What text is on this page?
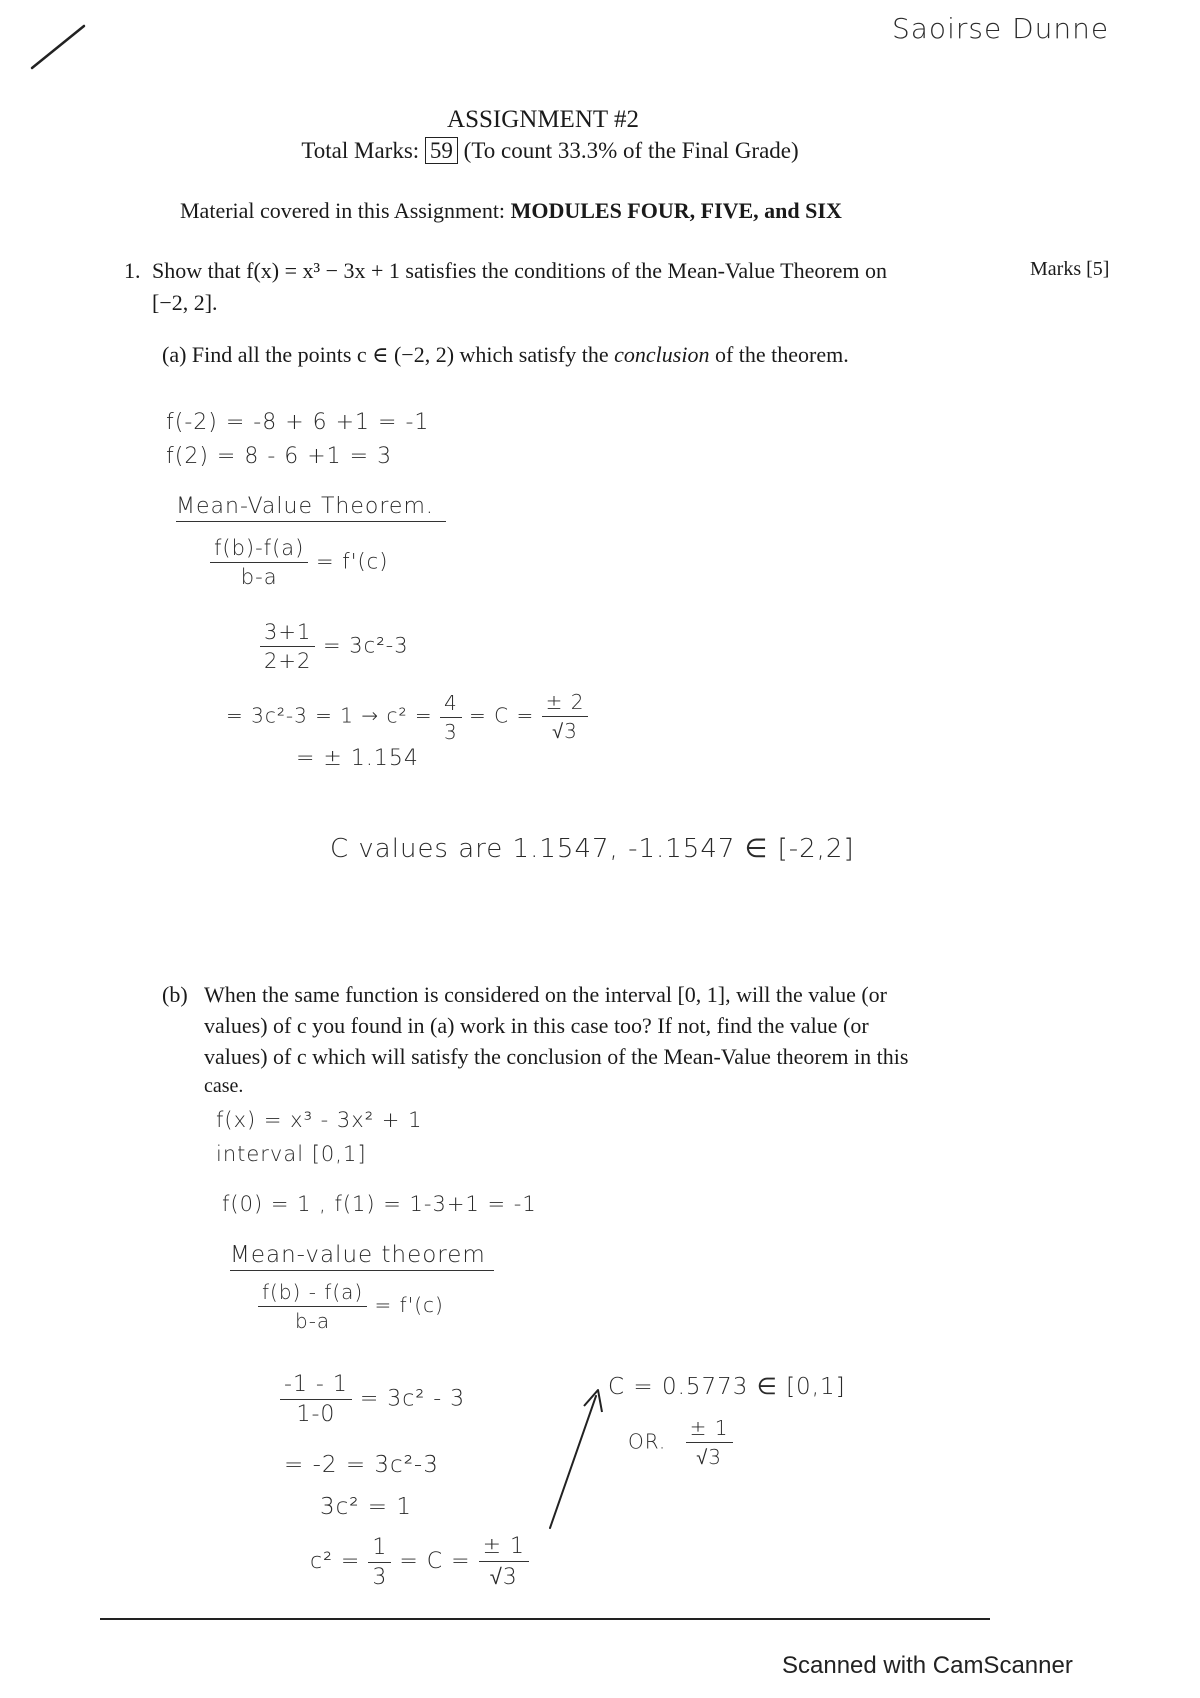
Saoirse Dunne
ASSIGNMENT #2
Total Marks: 59 (To count 33.3% of the Final Grade)
Material covered in this Assignment: MODULES FOUR, FIVE, and SIX
1. Show that f(x) = x³ − 3x + 1 satisfies the conditions of the Mean-Value Theorem on	Marks [5]
[−2, 2].
(a) Find all the points c ∈ (−2, 2) which satisfy the conclusion of the theorem.
f(-2) = -8 + 6 +1 = -1
f(2) = 8 - 6 +1 = 3
Mean-Value Theorem.
$\frac{f(b)-f(a)}{b-a} = f'(c)$
$\frac{3+1}{2+2} = 3c^2-3$
= $3c^2-3 = 1 \to c^2 = \frac{4}{3} = C = \frac{\pm 2}{√3}$
= ± 1.154
C values are 1.1547, -1.1547 ∈ [-2,2]
(b) When the same function is considered on the interval [0, 1], will the value (or
values) of c you found in (a) work in this case too? If not, find the value (or
values) of c which will satisfy the conclusion of the Mean-Value theorem in this
case.
f(x) = x³ - 3x² + 1
interval [0,1]
f(0) = 1 , f(1) = 1-3+1 = -1
Mean-value theorem
$\frac{f(b) - f(a)}{b-a} = f'(c)$
$\frac{-1 - 1}{1-0} = 3c^2 - 3$
= -2 = 3c²-3
3c² = 1
$c^2 = \frac{1}{3} = C = \frac{\pm 1}{√3}$
C = 0.5773 ∈ [0,1]
OR. $\frac{\pm 1}{√3}$
Scanned with CamScanner
